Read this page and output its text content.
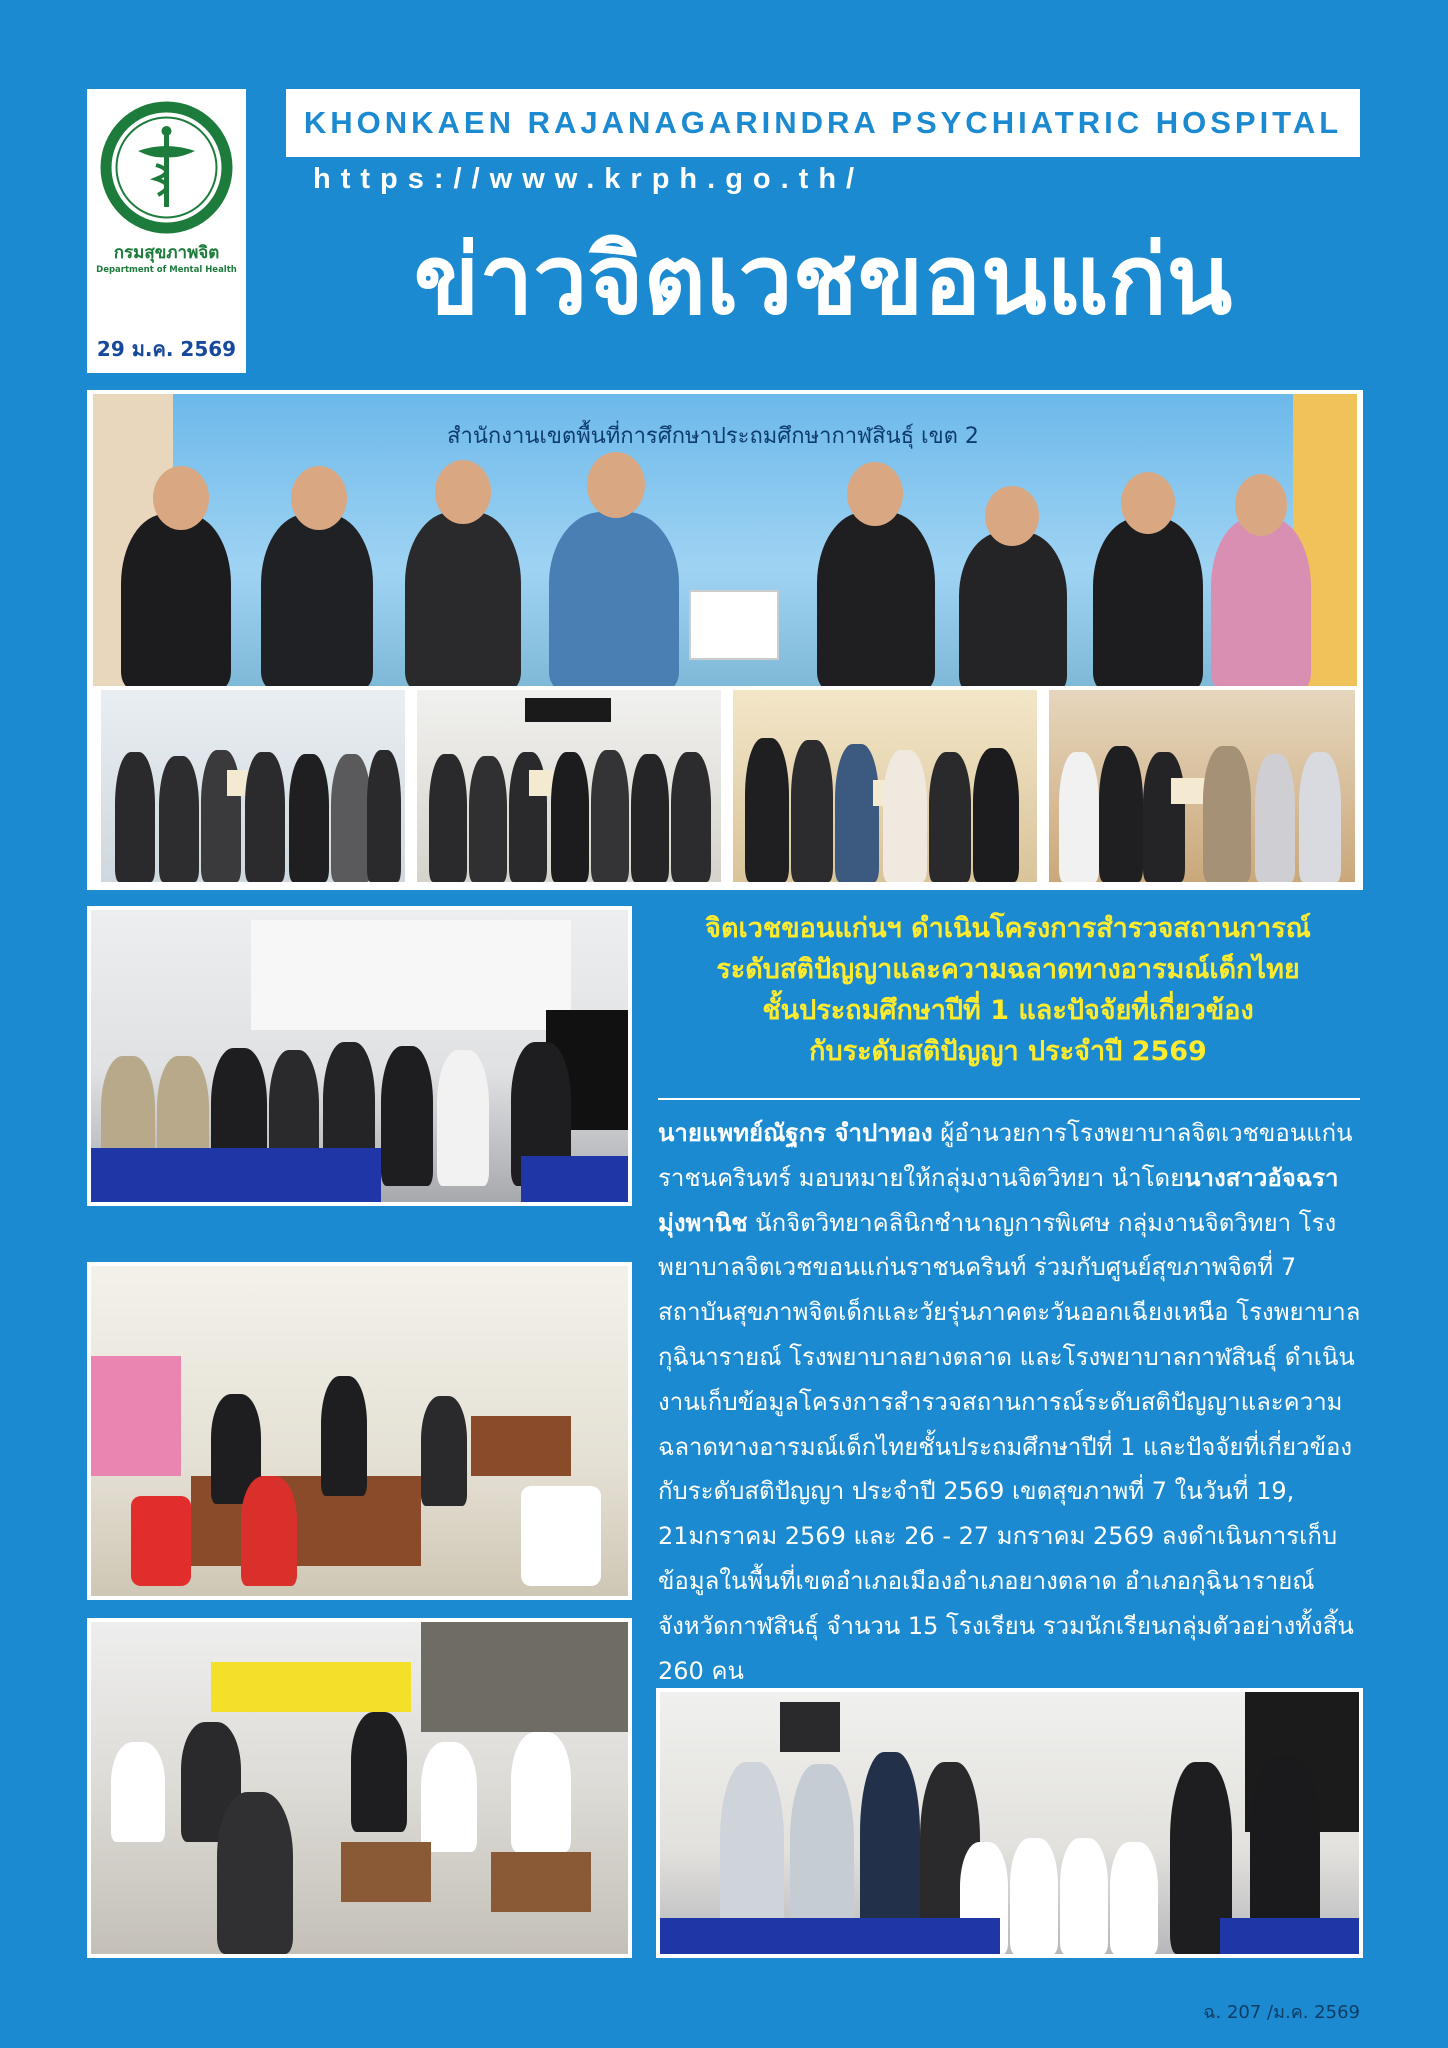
กรมสุขภาพจิต
Department of Mental Health
29 ม.ค. 2569
KHONKAEN RAJANAGARINDRA PSYCHIATRIC HOSPITAL
https://www.krph.go.th/
ข่าวจิตเวชขอนแก่น
สำนักงานเขตพื้นที่การศึกษาประถมศึกษากาฬสินธุ์ เขต 2
จิตเวชขอนแก่นฯ ดำเนินโครงการสำรวจสถานการณ์
ระดับสติปัญญาและความฉลาดทางอารมณ์เด็กไทย
ชั้นประถมศึกษาปีที่ 1 และปัจจัยที่เกี่ยวข้อง
กับระดับสติปัญญา ประจำปี 2569
นายแพทย์ณัฐกร จำปาทอง ผู้อำนวยการโรงพยาบาลจิตเวชขอนแก่นราชนครินทร์ มอบหมายให้กลุ่มงานจิตวิทยา นำโดยนางสาวอัจฉรา มุ่งพานิช นักจิตวิทยาคลินิกชำนาญการพิเศษ กลุ่มงานจิตวิทยา โรงพยาบาลจิตเวชขอนแก่นราชนครินท์ ร่วมกับศูนย์สุขภาพจิตที่ 7 สถาบันสุขภาพจิตเด็กและวัยรุ่นภาคตะวันออกเฉียงเหนือ โรงพยาบาลกุฉินารายณ์ โรงพยาบาลยางตลาด และโรงพยาบาลกาฬสินธุ์ ดำเนินงานเก็บข้อมูลโครงการสำรวจสถานการณ์ระดับสติปัญญาและความฉลาดทางอารมณ์เด็กไทยชั้นประถมศึกษาปีที่ 1 และปัจจัยที่เกี่ยวข้องกับระดับสติปัญญา ประจำปี 2569 เขตสุขภาพที่ 7 ในวันที่ 19, 21มกราคม 2569 และ 26 - 27 มกราคม 2569 ลงดำเนินการเก็บข้อมูลในพื้นที่เขตอำเภอเมืองอำเภอยางตลาด อำเภอกุฉินารายณ์ จังหวัดกาฬสินธุ์ จำนวน 15 โรงเรียน รวมนักเรียนกลุ่มตัวอย่างทั้งสิ้น 260 คน
ฉ. 207 /ม.ค. 2569
